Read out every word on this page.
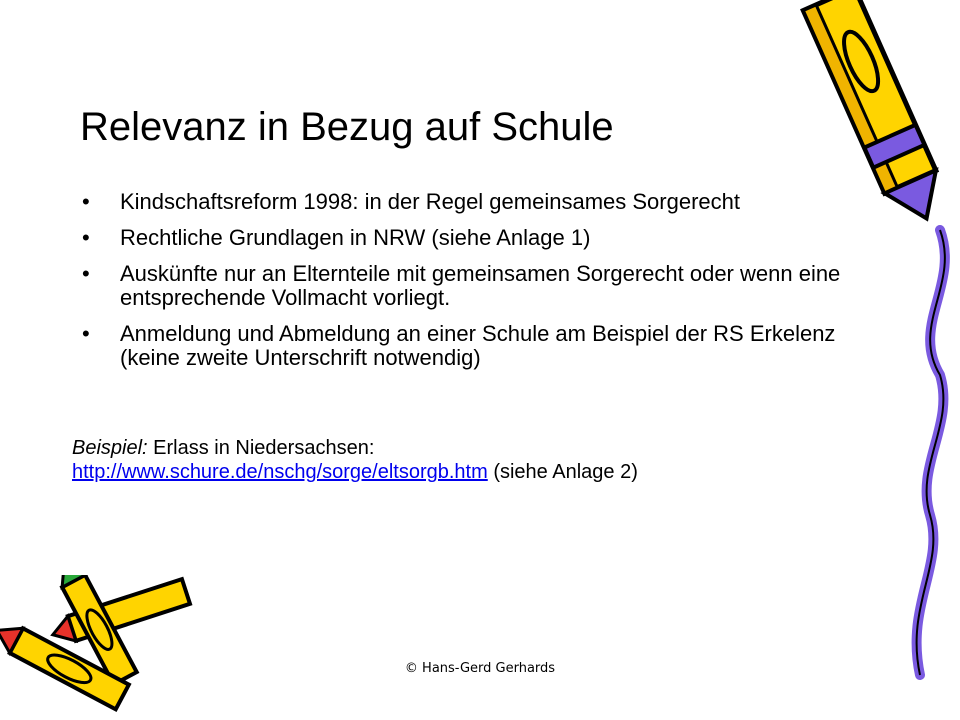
Relevanz in Bezug auf Schule
• Kindschaftsreform 1998: in der Regel gemeinsames Sorgerecht
• Rechtliche Grundlagen in NRW (siehe Anlage 1)
• Auskünfte nur an Elternteile mit gemeinsamen Sorgerecht oder wenn eine entsprechende Vollmacht vorliegt.
• Anmeldung und Abmeldung an einer Schule am Beispiel der RS Erkelenz (keine zweite Unterschrift notwendig)
Beispiel: Erlass in Niedersachsen:
http://www.schure.de/nschg/sorge/eltsorgb.htm (siehe Anlage 2)
© Hans-Gerd Gerhards
